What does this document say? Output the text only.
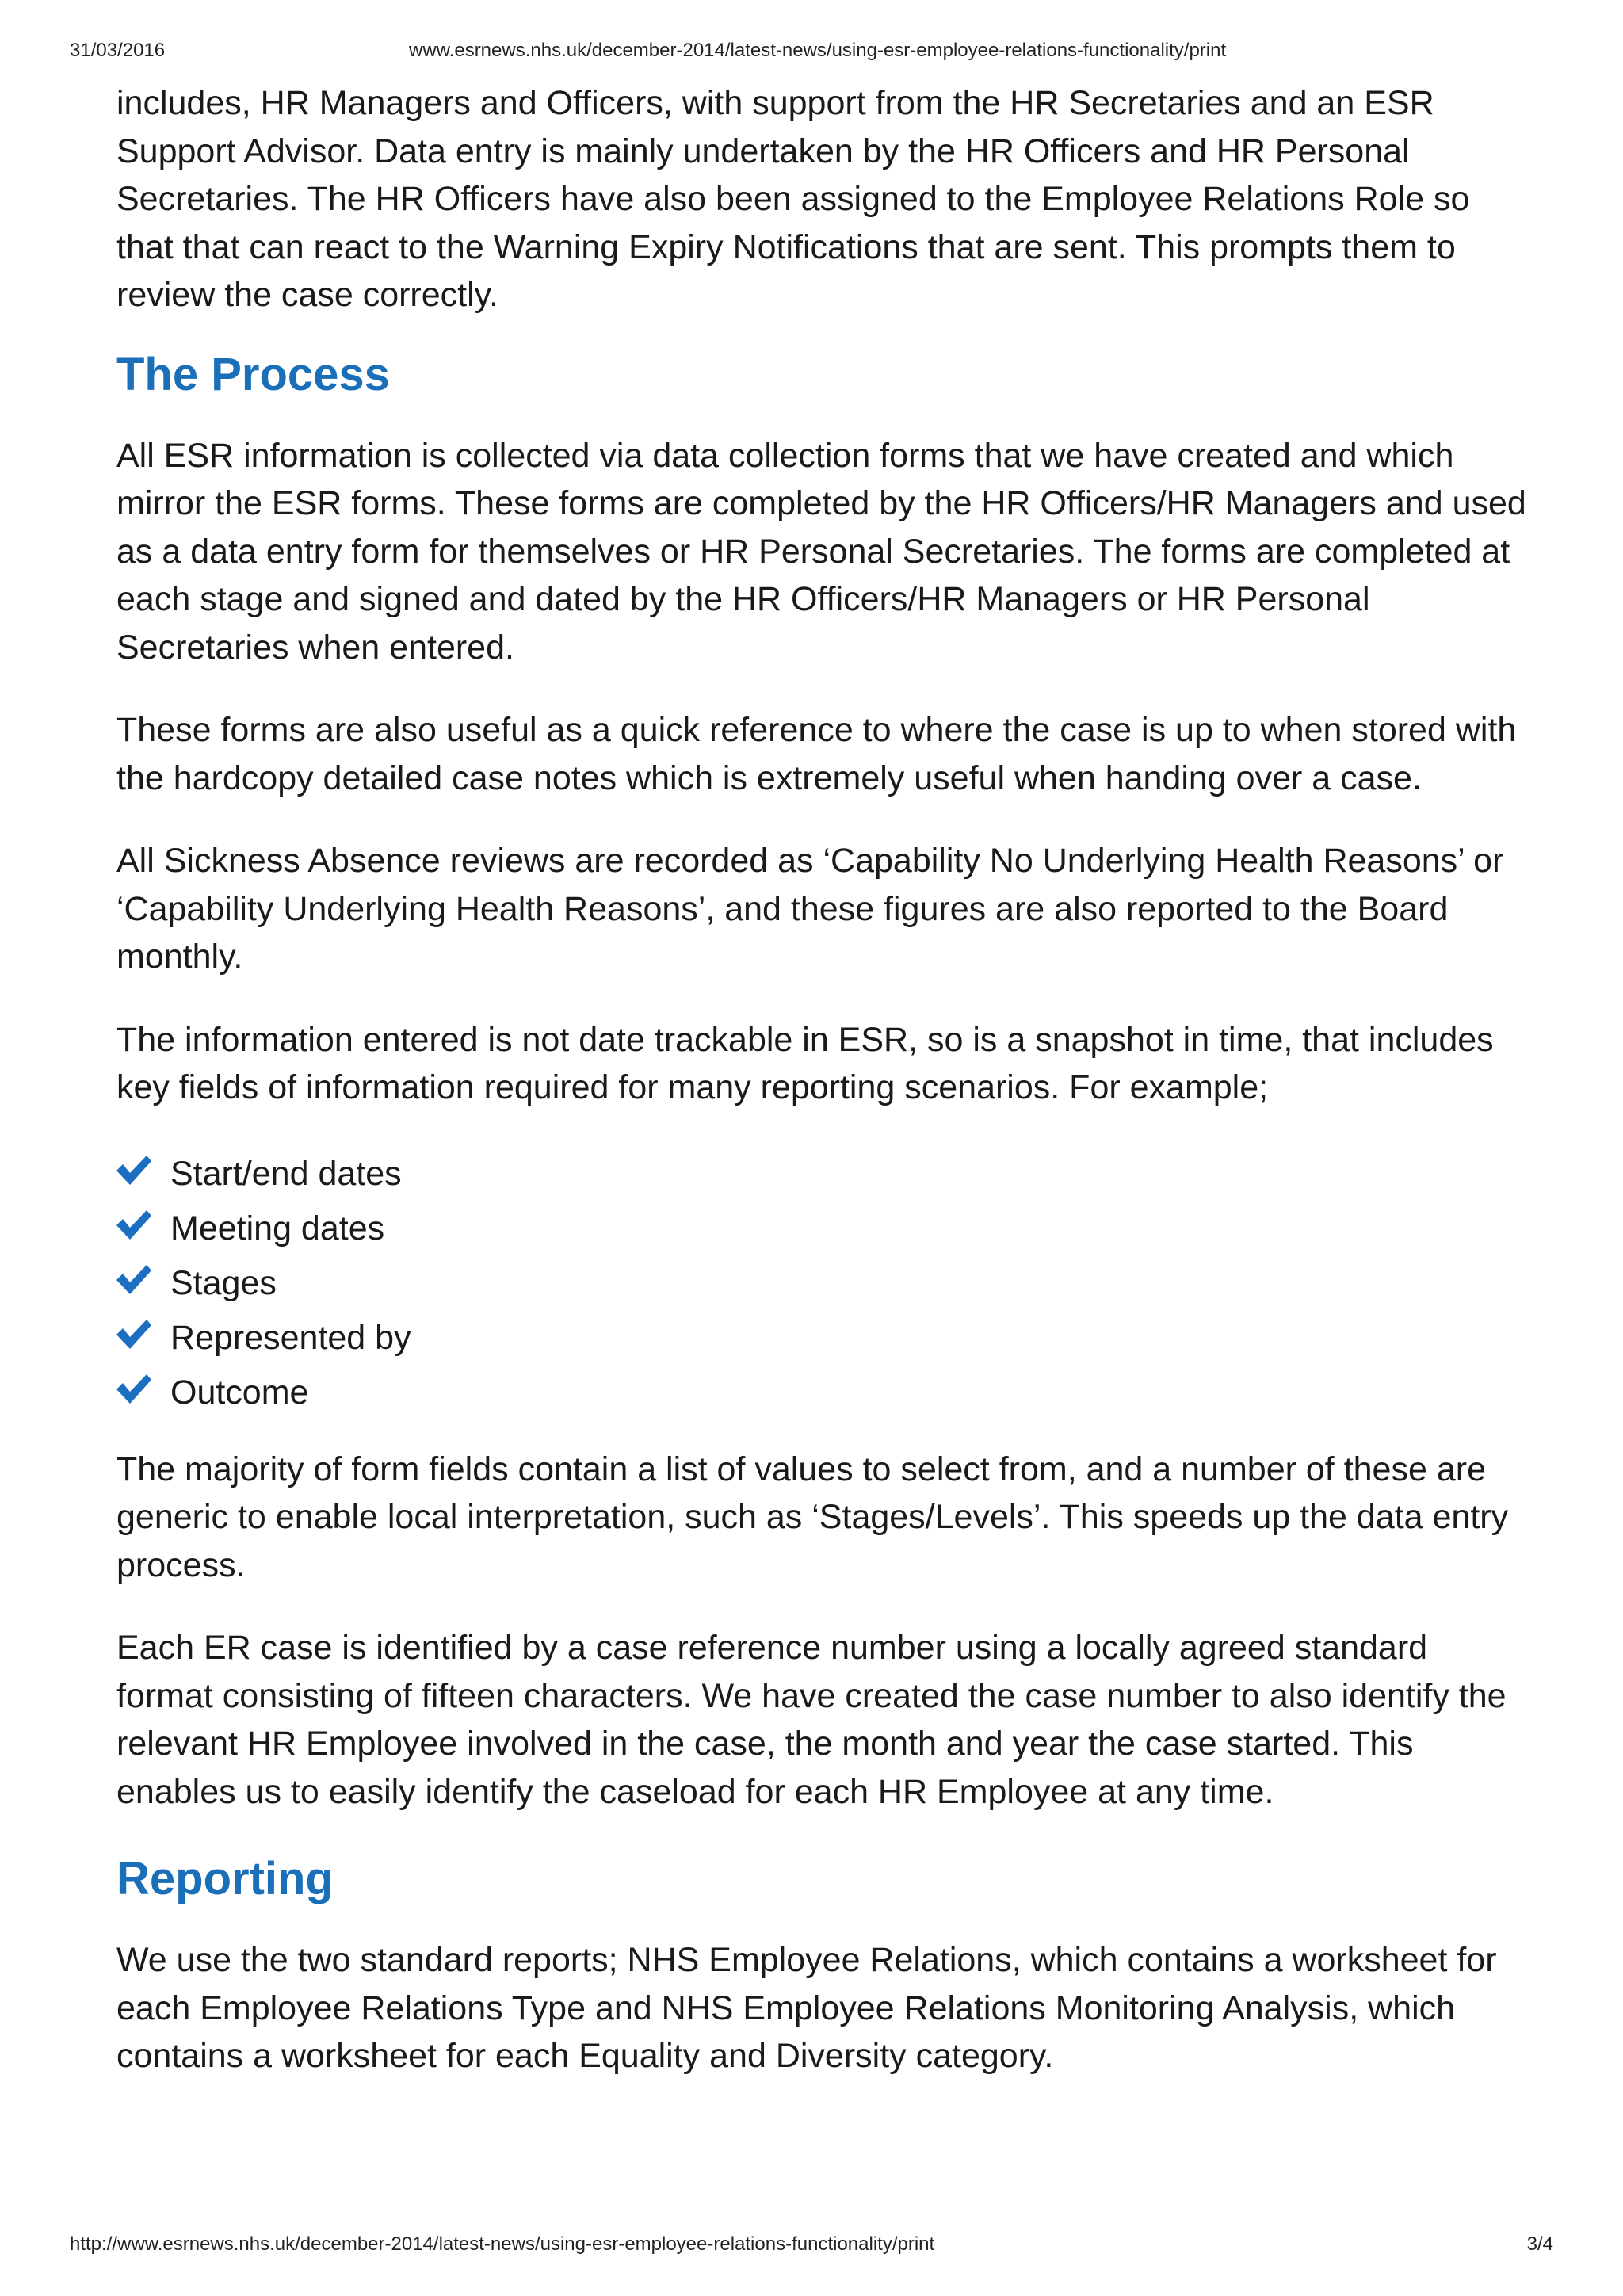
31/03/2016	www.esrnews.nhs.uk/december-2014/latest-news/using-esr-employee-relations-functionality/print

includes, HR Managers and Officers, with support from the HR Secretaries and an ESR Support Advisor. Data entry is mainly undertaken by the HR Officers and HR Personal Secretaries. The HR Officers have also been assigned to the Employee Relations Role so that that can react to the Warning Expiry Notifications that are sent. This prompts them to review the case correctly.

The Process

All ESR information is collected via data collection forms that we have created and which mirror the ESR forms. These forms are completed by the HR Officers/HR Managers and used as a data entry form for themselves or HR Personal Secretaries. The forms are completed at each stage and signed and dated by the HR Officers/HR Managers or HR Personal Secretaries when entered.

These forms are also useful as a quick reference to where the case is up to when stored with the hardcopy detailed case notes which is extremely useful when handing over a case.

All Sickness Absence reviews are recorded as ‘Capability No Underlying Health Reasons’ or ‘Capability Underlying Health Reasons’, and these figures are also reported to the Board monthly.

The information entered is not date trackable in ESR, so is a snapshot in time, that includes key fields of information required for many reporting scenarios. For example;

Start/end dates
Meeting dates
Stages
Represented by
Outcome

The majority of form fields contain a list of values to select from, and a number of these are generic to enable local interpretation, such as ‘Stages/Levels’. This speeds up the data entry process.

Each ER case is identified by a case reference number using a locally agreed standard format consisting of fifteen characters. We have created the case number to also identify the relevant HR Employee involved in the case, the month and year the case started. This enables us to easily identify the caseload for each HR Employee at any time.

Reporting

We use the two standard reports; NHS Employee Relations, which contains a worksheet for each Employee Relations Type and NHS Employee Relations Monitoring Analysis, which contains a worksheet for each Equality and Diversity category.

http://www.esrnews.nhs.uk/december-2014/latest-news/using-esr-employee-relations-functionality/print	3/4
